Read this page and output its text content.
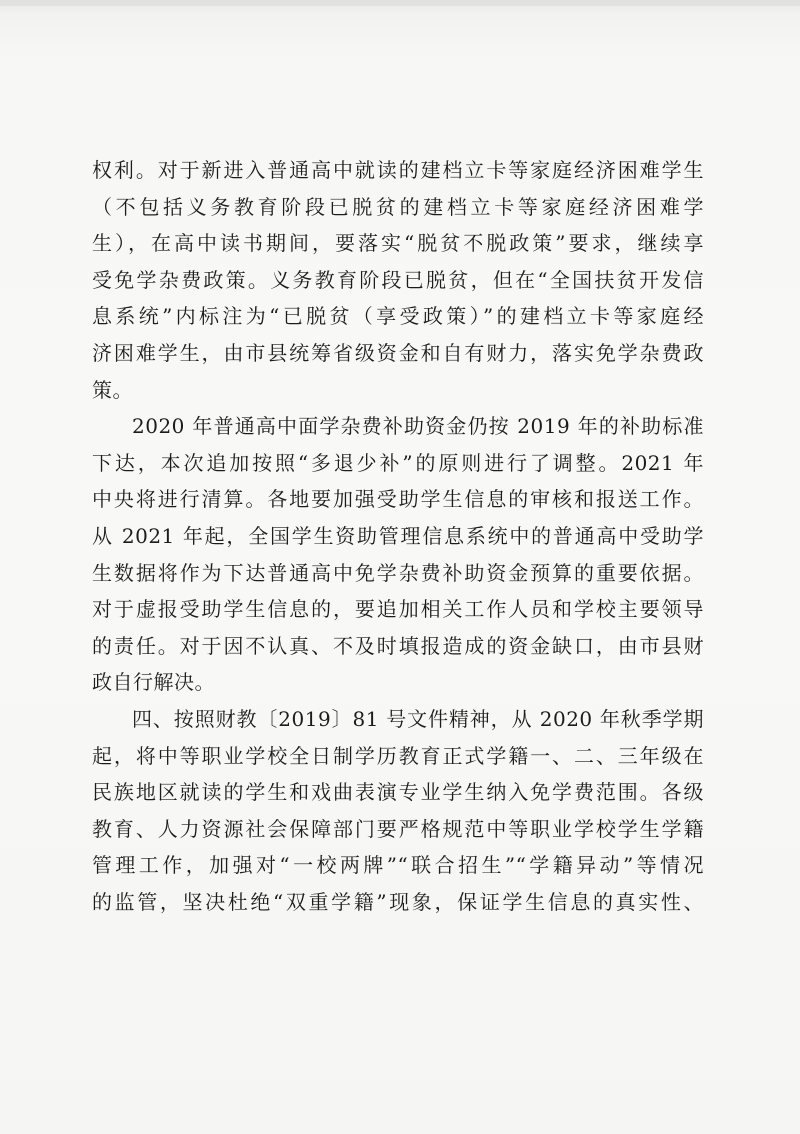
权利。对于新进入普通高中就读的建档立卡等家庭经济困难学生
（不包括义务教育阶段已脱贫的建档立卡等家庭经济困难学
生），在高中读书期间，要落实“脱贫不脱政策”要求，继续享
受免学杂费政策。义务教育阶段已脱贫，但在“全国扶贫开发信
息系统”内标注为“已脱贫（享受政策）”的建档立卡等家庭经
济困难学生，由市县统筹省级资金和自有财力，落实免学杂费政
策。

2020 年普通高中面学杂费补助资金仍按 2019 年的补助标准
下达，本次追加按照“多退少补”的原则进行了调整。2021 年
中央将进行清算。各地要加强受助学生信息的审核和报送工作。
从 2021 年起，全国学生资助管理信息系统中的普通高中受助学
生数据将作为下达普通高中免学杂费补助资金预算的重要依据。
对于虚报受助学生信息的，要追加相关工作人员和学校主要领导
的责任。对于因不认真、不及时填报造成的资金缺口，由市县财
政自行解决。

四、按照财教〔2019〕81 号文件精神，从 2020 年秋季学期
起，将中等职业学校全日制学历教育正式学籍一、二、三年级在
民族地区就读的学生和戏曲表演专业学生纳入免学费范围。各级
教育、人力资源社会保障部门要严格规范中等职业学校学生学籍
管理工作，加强对“一校两牌”“联合招生”“学籍异动”等情况
的监管，坚决杜绝“双重学籍”现象，保证学生信息的真实性、
